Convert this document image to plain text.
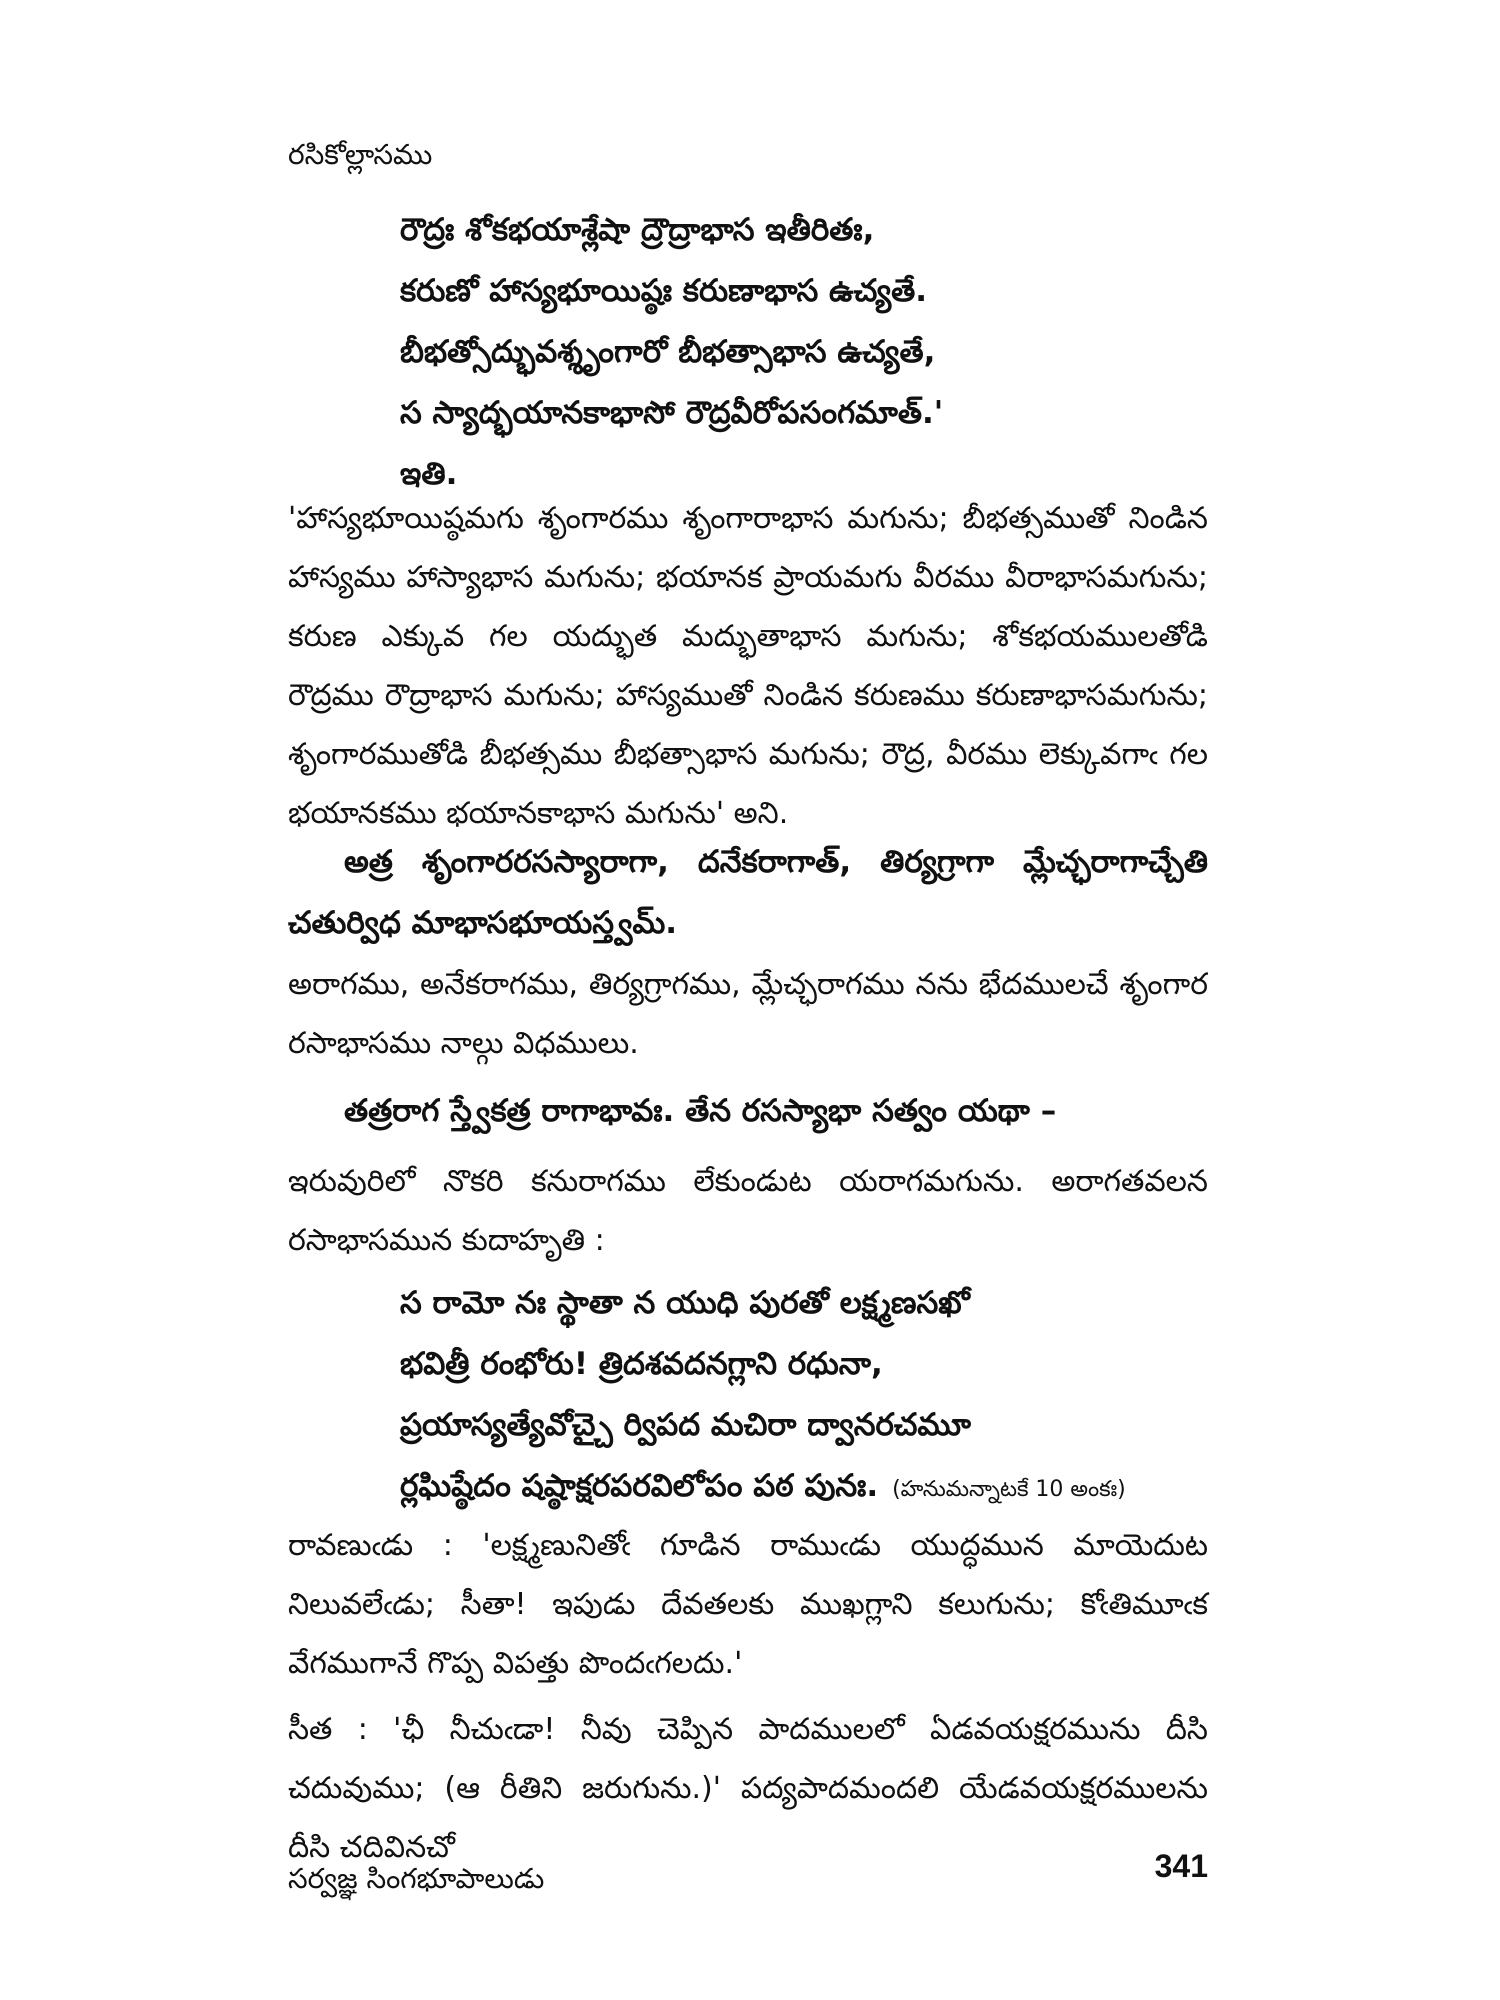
రసికోల్లాసము
రౌద్రః శోకభయాశ్లేషా ద్రౌద్రాభాస ఇతీరితః,
కరుణో హాస్యభూయిష్ఠః కరుణాభాస ఉచ్యతే.
బీభత్సోద్భువశ్శృంగారో బీభత్సాభాస ఉచ్యతే,
స స్యాద్భయానకాభాసో రౌద్రవీరోపసంగమాత్.'
ఇతి.
'హాస్యభూయిష్ఠమగు శృంగారము శృంగారాభాస మగును; బీభత్సముతో నిండిన హాస్యము హాస్యాభాస మగును; భయానక ప్రాయమగు వీరము వీరాభాసమగును; కరుణ ఎక్కువ గల యద్భుత మద్భుతాభాస మగును; శోకభయములతోడి రౌద్రము రౌద్రాభాస మగును; హాస్యముతో నిండిన కరుణము కరుణాభాసమగును; శృంగారముతోడి బీభత్సము బీభత్సాభాస మగును; రౌద్ర, వీరము లెక్కువగాఁ గల భయానకము భయానకాభాస మగును' అని.
అత్ర శృంగారరసస్యారాగా, దనేకరాగాత్, తిర్యగ్రాగా మ్లేచ్ఛరాగాచ్చేతి చతుర్విధ మాభాసభూయస్త్వమ్.
అరాగము, అనేకరాగము, తిర్యగ్రాగము, మ్లేచ్ఛరాగము నను భేదములచే శృంగార రసాభాసము నాల్గు విధములు.
తత్రరాగ స్త్వేకత్ర రాగాభావః. తేన రసస్యాభా సత్వం యథా –
ఇరువురిలో నొకరి కనురాగము లేకుండుట యరాగమగును. అరాగతవలన రసాభాసమున కుదాహృతి :
స రామో నః స్థాతా న యుధి పురతో లక్ష్మణసఖో
భవిత్రీ రంభోరు! త్రిదశవదనగ్లాని రధునా,
ప్రయాస్యత్యేవోచ్చై ర్విపద మచిరా ద్వానరచమూ
ర్లఘిష్ఠేదం షష్ఠాక్షరపరవిలోపం పఠ పునః. (హనుమన్నాటకే 10 అంకః)
రావణుఁడు : 'లక్ష్మణునితోఁ గూడిన రాముఁడు యుద్ధమున మాయెదుట నిలువలేఁడు; సీతా! ఇపుడు దేవతలకు ముఖగ్లాని కలుగును; కోఁతిమూఁక వేగముగానే గొప్ప విపత్తు పొందఁగలదు.'
సీత : 'ఛీ నీచుఁడా! నీవు చెప్పిన పాదములలో ఏడవయక్షరమును దీసి చదువుము; (ఆ రీతిని జరుగును.)' పద్యపాదమందలి యేడవయక్షరములను దీసి చదివినచో
సర్వజ్ఞ సింగభూపాలుడు	341
